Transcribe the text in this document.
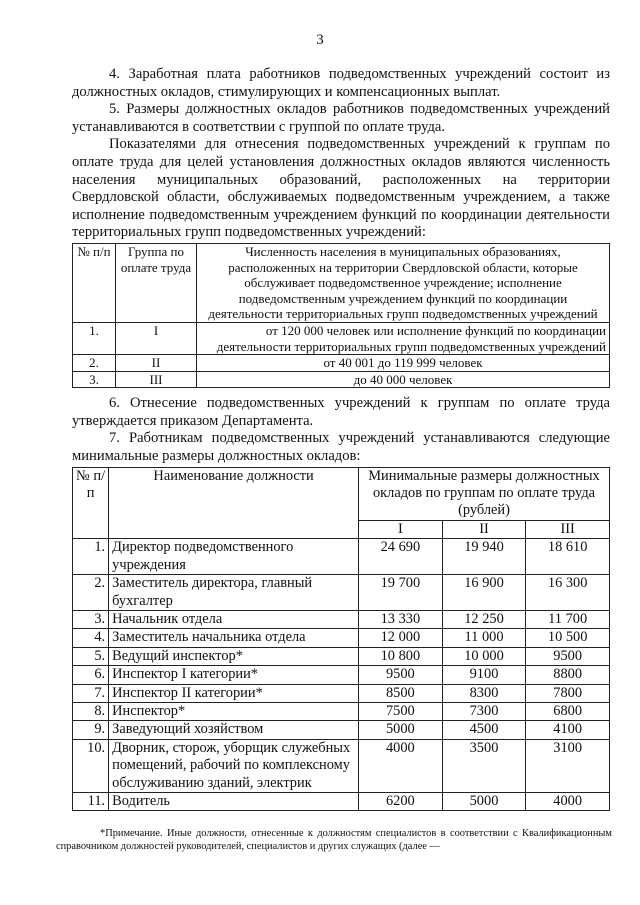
3

4. Заработная плата работников подведомственных учреждений состоит из должностных окладов, стимулирующих и компенсационных выплат.

5. Размеры должностных окладов работников подведомственных учреждений устанавливаются в соответствии с группой по оплате труда.

Показателями для отнесения подведомственных учреждений к группам по оплате труда для целей установления должностных окладов являются численность населения муниципальных образований, расположенных на территории Свердловской области, обслуживаемых подведомственным учреждением, а также исполнение подведомственным учреждением функций по координации деятельности территориальных групп подведомственных учреждений:

№ п/п	Группа по оплате труда	Численность населения в муниципальных образованиях, расположенных на территории Свердловской области, которые обслуживает подведомственное учреждение; исполнение подведомственным учреждением функций по координации деятельности территориальных групп подведомственных учреждений
1.	I	от 120 000 человек или исполнение функций по координации деятельности территориальных групп подведомственных учреждений
2.	II	от 40 001 до 119 999 человек
3.	III	до 40 000 человек

6. Отнесение подведомственных учреждений к группам по оплате труда утверждается приказом Департамента.

7. Работникам подведомственных учреждений устанавливаются следующие минимальные размеры должностных окладов:

№ п/п	Наименование должности	Минимальные размеры должностных окладов по группам по оплате труда (рублей)		
		I	II	III
1.	Директор подведомственного учреждения	24 690	19 940	18 610
2.	Заместитель директора, главный бухгалтер	19 700	16 900	16 300
3.	Начальник отдела	13 330	12 250	11 700
4.	Заместитель начальника отдела	12 000	11 000	10 500
5.	Ведущий инспектор*	10 800	10 000	9500
6.	Инспектор I категории*	9500	9100	8800
7.	Инспектор II категории*	8500	8300	7800
8.	Инспектор*	7500	7300	6800
9.	Заведующий хозяйством	5000	4500	4100
10.	Дворник, сторож, уборщик служебных помещений, рабочий по комплексному обслуживанию зданий, электрик	4000	3500	3100
11.	Водитель	6200	5000	4000
*Примечание. Иные должности, отнесенные к должностям специалистов в соответствии с Квалификационным справочником должностей руководителей, специалистов и других служащих (далее —
